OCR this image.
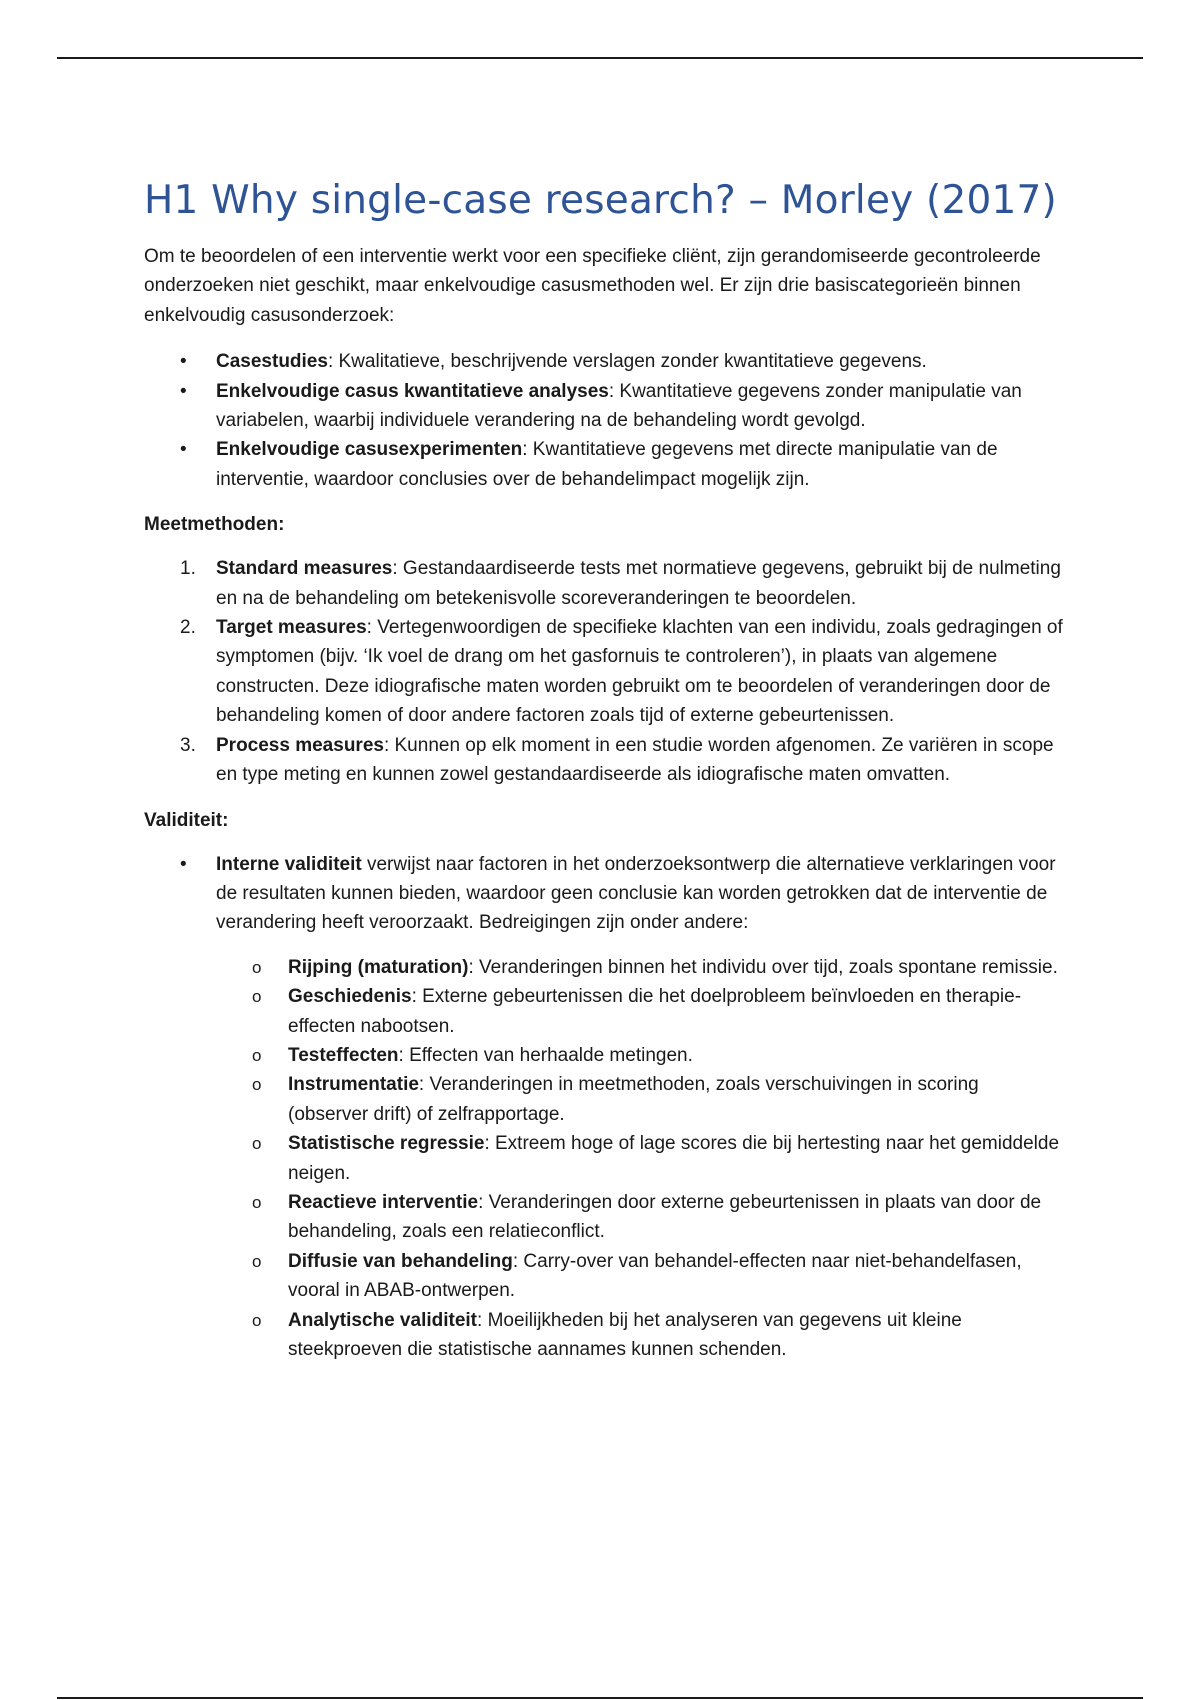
H1 Why single-case research? – Morley (2017)

Om te beoordelen of een interventie werkt voor een specifieke cliënt, zijn gerandomiseerde gecontroleerde onderzoeken niet geschikt, maar enkelvoudige casusmethoden wel. Er zijn drie basiscategorieën binnen enkelvoudig casusonderzoek:

•	Casestudies: Kwalitatieve, beschrijvende verslagen zonder kwantitatieve gegevens.
•	Enkelvoudige casus kwantitatieve analyses: Kwantitatieve gegevens zonder manipulatie van variabelen, waarbij individuele verandering na de behandeling wordt gevolgd.
•	Enkelvoudige casusexperimenten: Kwantitatieve gegevens met directe manipulatie van de interventie, waardoor conclusies over de behandelimpact mogelijk zijn.

Meetmethoden:

1.	Standard measures: Gestandaardiseerde tests met normatieve gegevens, gebruikt bij de nulmeting en na de behandeling om betekenisvolle scoreveranderingen te beoordelen.
2.	Target measures: Vertegenwoordigen de specifieke klachten van een individu, zoals gedragingen of symptomen (bijv. ‘Ik voel de drang om het gasfornuis te controleren’), in plaats van algemene constructen. Deze idiografische maten worden gebruikt om te beoordelen of veranderingen door de behandeling komen of door andere factoren zoals tijd of externe gebeurtenissen.
3.	Process measures: Kunnen op elk moment in een studie worden afgenomen. Ze variëren in scope en type meting en kunnen zowel gestandaardiseerde als idiografische maten omvatten.

Validiteit:

•	Interne validiteit verwijst naar factoren in het onderzoeksontwerp die alternatieve verklaringen voor de resultaten kunnen bieden, waardoor geen conclusie kan worden getrokken dat de interventie de verandering heeft veroorzaakt. Bedreigingen zijn onder andere:
o	Rijping (maturation): Veranderingen binnen het individu over tijd, zoals spontane remissie.
o	Geschiedenis: Externe gebeurtenissen die het doelprobleem beïnvloeden en therapie-effecten nabootsen.
o	Testeffecten: Effecten van herhaalde metingen.
o	Instrumentatie: Veranderingen in meetmethoden, zoals verschuivingen in scoring (observer drift) of zelfrapportage.
o	Statistische regressie: Extreem hoge of lage scores die bij hertesting naar het gemiddelde neigen.
o	Reactieve interventie: Veranderingen door externe gebeurtenissen in plaats van door de behandeling, zoals een relatieconflict.
o	Diffusie van behandeling: Carry-over van behandel-effecten naar niet-behandelfasen, vooral in ABAB-ontwerpen.
o	Analytische validiteit: Moeilijkheden bij het analyseren van gegevens uit kleine steekproeven die statistische aannames kunnen schenden.
